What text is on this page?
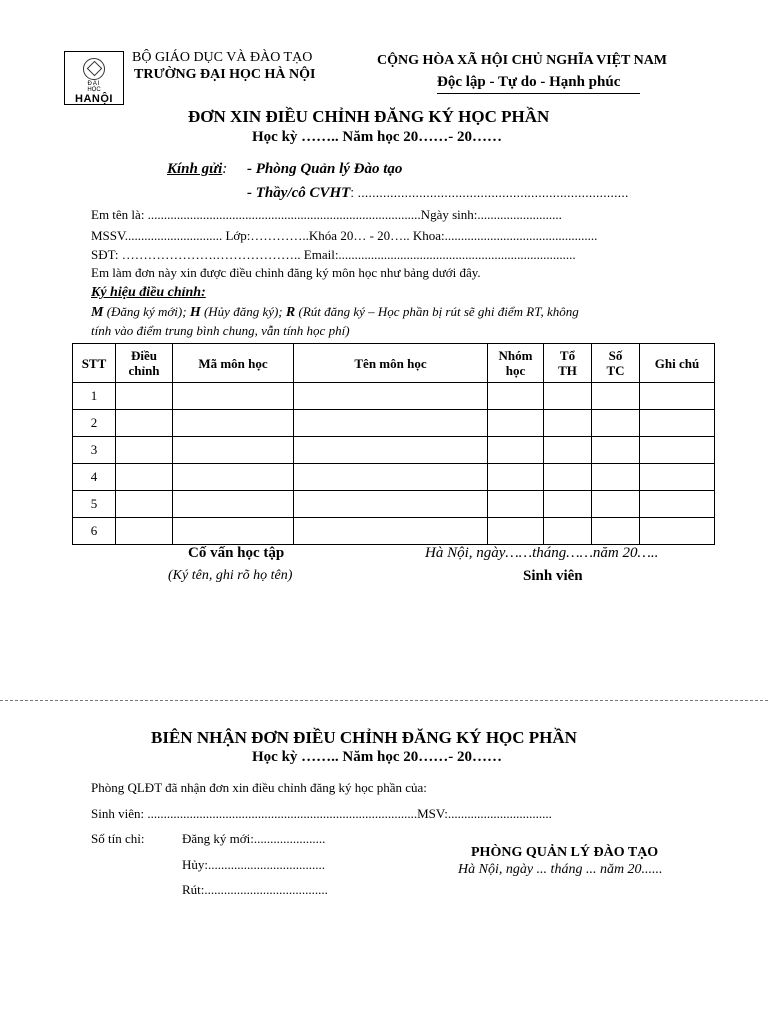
ĐẠI
HỌC
HANỘI
BỘ GIÁO DỤC VÀ ĐÀO TẠO
TRƯỜNG ĐẠI HỌC HÀ NỘI
CỘNG HÒA XÃ HỘI CHỦ NGHĨA VIỆT NAM
Độc lập - Tự do - Hạnh phúc
ĐƠN XIN ĐIỀU CHỈNH ĐĂNG KÝ HỌC PHẦN
Học kỳ …….. Năm học 20……- 20……
Kính gửi: - Phòng Quản lý Đào tạo
- Thầy/cô CVHT: ...........................................................................
Em tên là: ....................................................................................Ngày sinh:..........................
MSSV.............................. Lớp:…………..Khóa 20… - 20….. Khoa:...............................................
SĐT: ………………….……………….. Email:.........................................................................
Em làm đơn này xin được điều chỉnh đăng ký môn học như bảng dưới đây.
Ký hiệu điều chỉnh:
M (Đăng ký mới); H (Hủy đăng ký); R (Rút đăng ký – Học phần bị rút sẽ ghi điểm RT, không
tính vào điểm trung bình chung, vẫn tính học phí)
STT	Điều chỉnh	Mã môn học	Tên môn học	Nhóm học	Tổ TH	Số TC	Ghi chú
1							
2							
3							
4							
5							
6							
Cố vấn học tập
(Ký tên, ghi rõ họ tên)
Hà Nội, ngày……tháng……năm 20…..
Sinh viên
BIÊN NHẬN ĐƠN ĐIỀU CHỈNH ĐĂNG KÝ HỌC PHẦN
Học kỳ …….. Năm học 20……- 20……
Phòng QLĐT đã nhận đơn xin điều chỉnh đăng ký học phần của:
Sinh viên: ...................................................................................MSV:................................
Số tín chỉ:	Đăng ký mới:......................
Hủy:....................................
Rút:......................................
PHÒNG QUẢN LÝ ĐÀO TẠO
Hà Nội, ngày ... tháng ... năm 20......
